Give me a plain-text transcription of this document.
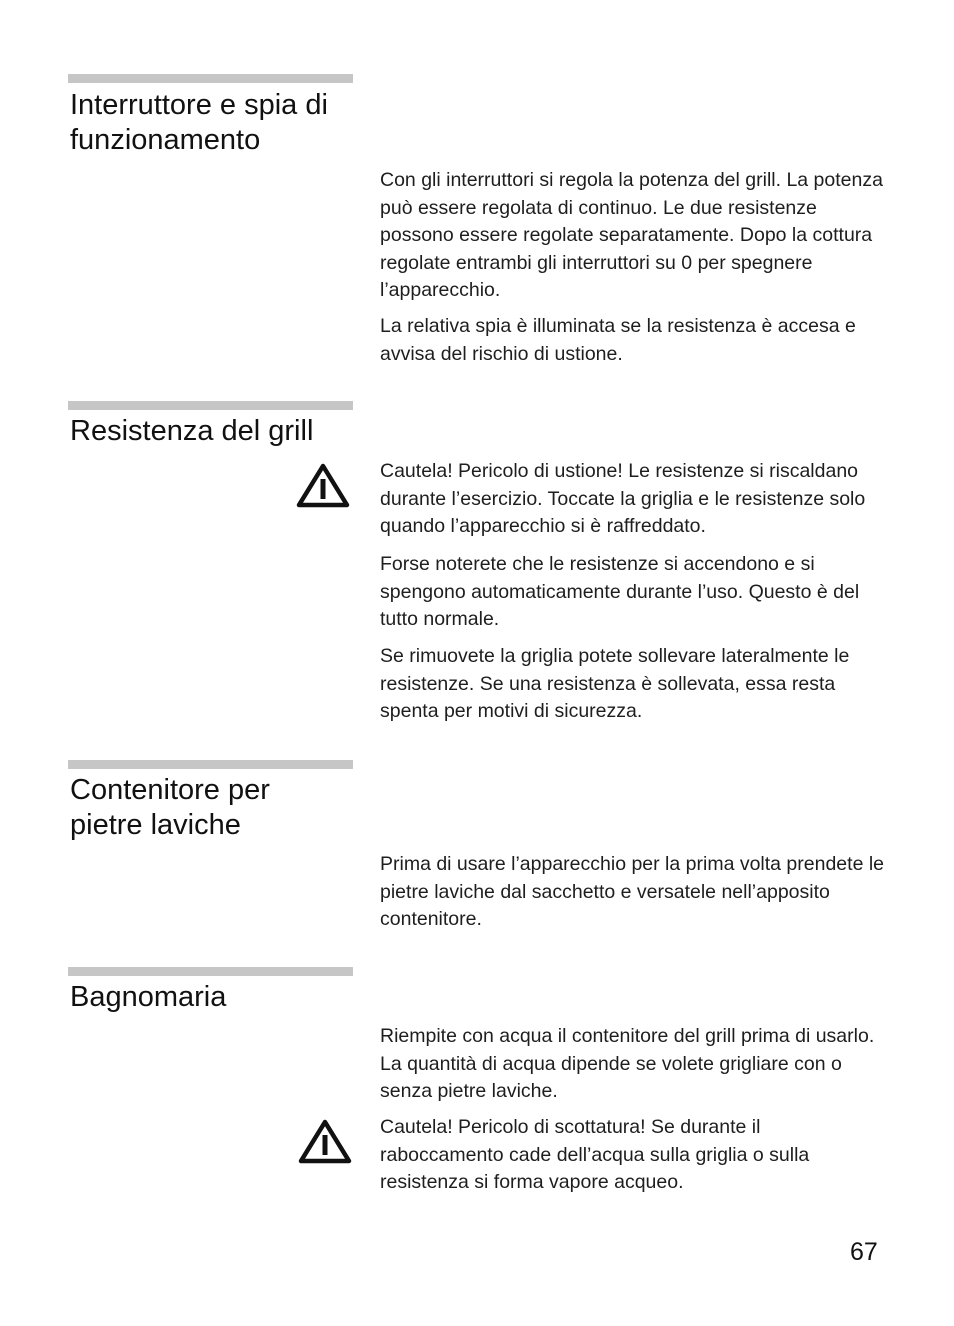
Interruttore e spia di funzionamento

Con gli interruttori si regola la potenza del grill. La potenza può essere regolata di continuo. Le due resistenze possono essere regolate separatamente. Dopo la cottura regolate entrambi gli interruttori su 0 per spegnere l’apparecchio.

La relativa spia è illuminata se la resistenza è accesa e avvisa del rischio di ustione.

Resistenza del grill

Cautela! Pericolo di ustione! Le resistenze si riscaldano durante l’esercizio. Toccate la griglia e le resistenze solo quando l’apparecchio si è raffreddato.

Forse noterete che le resistenze si accendono e si spengono automaticamente durante l’uso. Questo è del tutto normale.

Se rimuovete la griglia potete sollevare lateralmente le resistenze. Se una resistenza è sollevata, essa resta spenta per motivi di sicurezza.

Contenitore per pietre laviche

Prima di usare l’apparecchio per la prima volta prendete le pietre laviche dal sacchetto e versatele nell’apposito contenitore.

Bagnomaria

Riempite con acqua il contenitore del grill prima di usarlo. La quantità di acqua dipende se volete grigliare con o senza pietre laviche.

Cautela! Pericolo di scottatura! Se durante il raboccamento cade dell’acqua sulla griglia o sulla resistenza si forma vapore acqueo.

67
